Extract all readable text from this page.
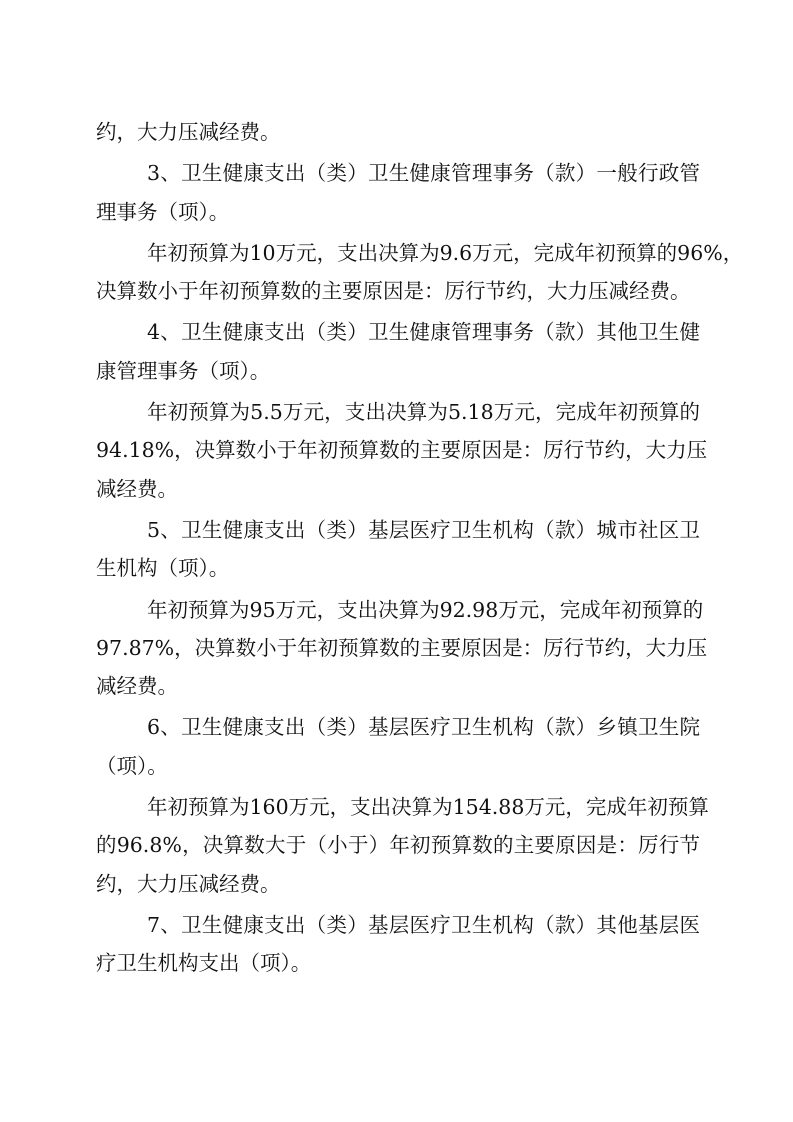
约，大力压减经费。

3、卫生健康支出（类）卫生健康管理事务（款）一般行政管
理事务（项）。

年初预算为10万元，支出决算为9.6万元，完成年初预算的96%，
决算数小于年初预算数的主要原因是：厉行节约，大力压减经费。

4、卫生健康支出（类）卫生健康管理事务（款）其他卫生健
康管理事务（项）。

年初预算为5.5万元，支出决算为5.18万元，完成年初预算的
94.18%，决算数小于年初预算数的主要原因是：厉行节约，大力压
减经费。

5、卫生健康支出（类）基层医疗卫生机构（款）城市社区卫
生机构（项）。

年初预算为95万元，支出决算为92.98万元，完成年初预算的
97.87%，决算数小于年初预算数的主要原因是：厉行节约，大力压
减经费。

6、卫生健康支出（类）基层医疗卫生机构（款）乡镇卫生院
（项）。

年初预算为160万元，支出决算为154.88万元，完成年初预算
的96.8%，决算数大于（小于）年初预算数的主要原因是：厉行节
约，大力压减经费。

7、卫生健康支出（类）基层医疗卫生机构（款）其他基层医
疗卫生机构支出（项）。
